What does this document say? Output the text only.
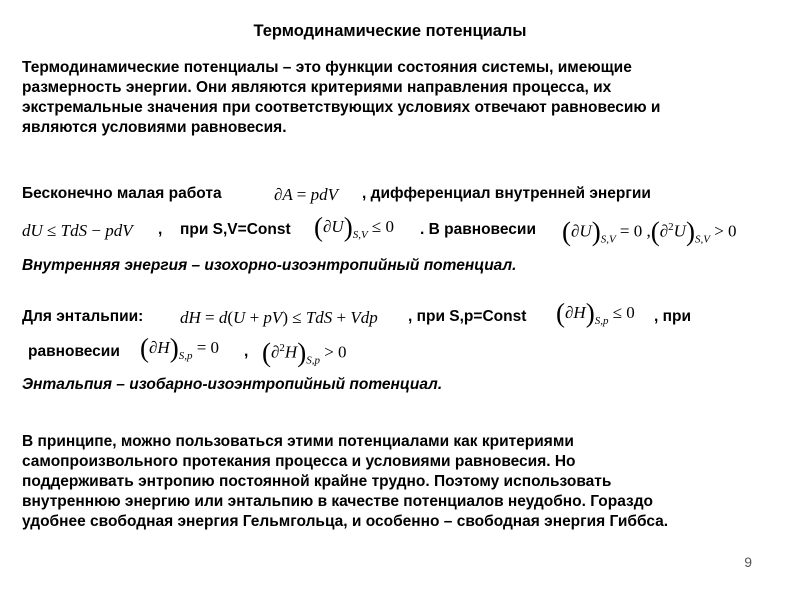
Термодинамические потенциалы
Термодинамические потенциалы – это функции состояния системы, имеющие
размерность энергии. Они являются критериями направления процесса, их
экстремальные значения при соответствующих условиях отвечают равновесию и
являются условиями равновесия.
Бесконечно малая работа	∂A = pdV , дифференциал внутренней энергии
dU ≤ TdS − pdV , при S,V=Const $(\partial U)_{S,V} \le 0$ . В равновесии $(\partial U)_{S,V} = 0$ $,(\partial^2U)_{S,V} > 0$
Внутренняя энергия – изохорно-изоэнтропийный потенциал.
Для энтальпии: dH = d(U + pV) ≤ TdS + Vdp , при S,p=Const $(\partial H)_{S,p} \le 0$ , при
равновесии $(\partial H)_{S,p} = 0$ , $(\partial^2H)_{S,p} > 0$
Энтальпия – изобарно-изоэнтропийный потенциал.
В принципе, можно пользоваться этими потенциалами как критериями
самопроизвольного протекания процесса и условиями равновесия. Но
поддерживать энтропию постоянной крайне трудно. Поэтому использовать
внутреннюю энергию или энтальпию в качестве потенциалов неудобно. Гораздо
удобнее свободная энергия Гельмгольца, и особенно – свободная энергия Гиббса.
9
